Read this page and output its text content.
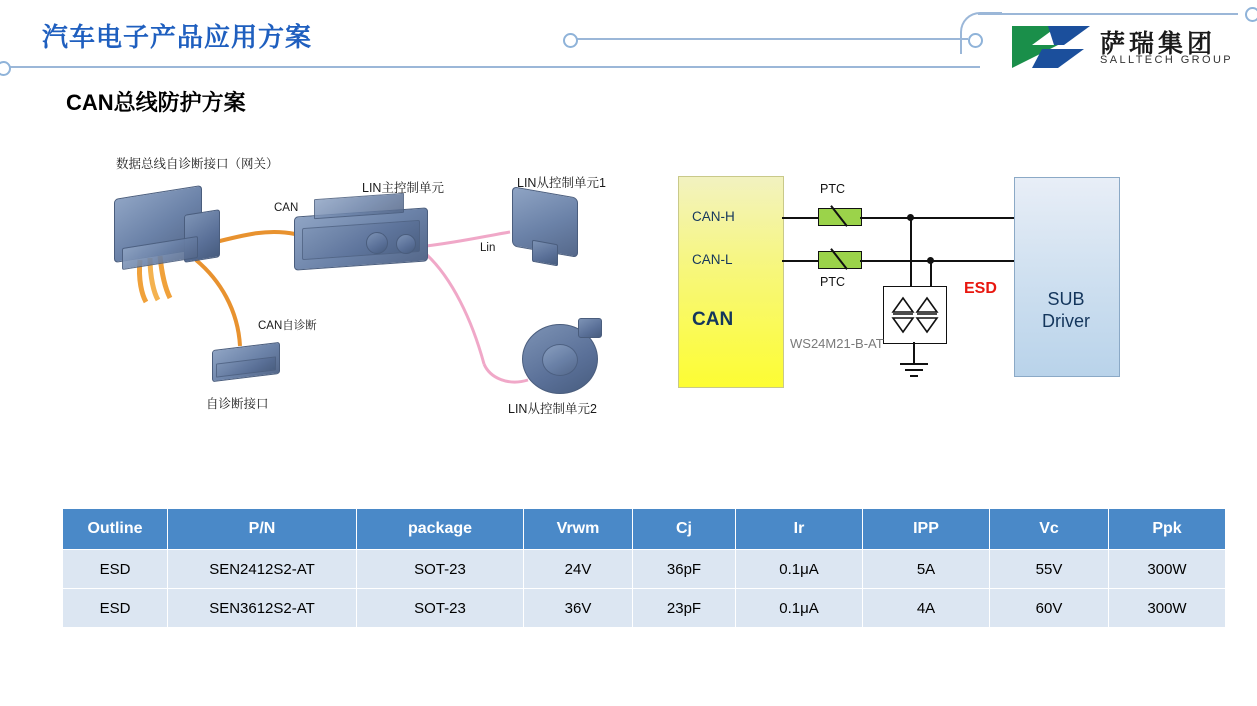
汽车电子产品应用方案	萨瑞集团
SALLTECH GROUP
CAN总线防护方案
数据总线自诊断接口（网关）
CAN
LIN主控制单元	LIN从控制单元1
Lin
CAN自诊断
自诊断接口	LIN从控制单元2
CAN
CAN-H
CAN-L
PTC
PTC	ESD
WS24M21-B-AT
SUB
Driver
Outline	P/N	package	Vrwm	Cj	Ir	IPP	Vc	Ppk
ESD	SEN2412S2-AT	SOT-23	24V	36pF	0.1μA	5A	55V	300W
ESD	SEN3612S2-AT	SOT-23	36V	23pF	0.1μA	4A	60V	300W
